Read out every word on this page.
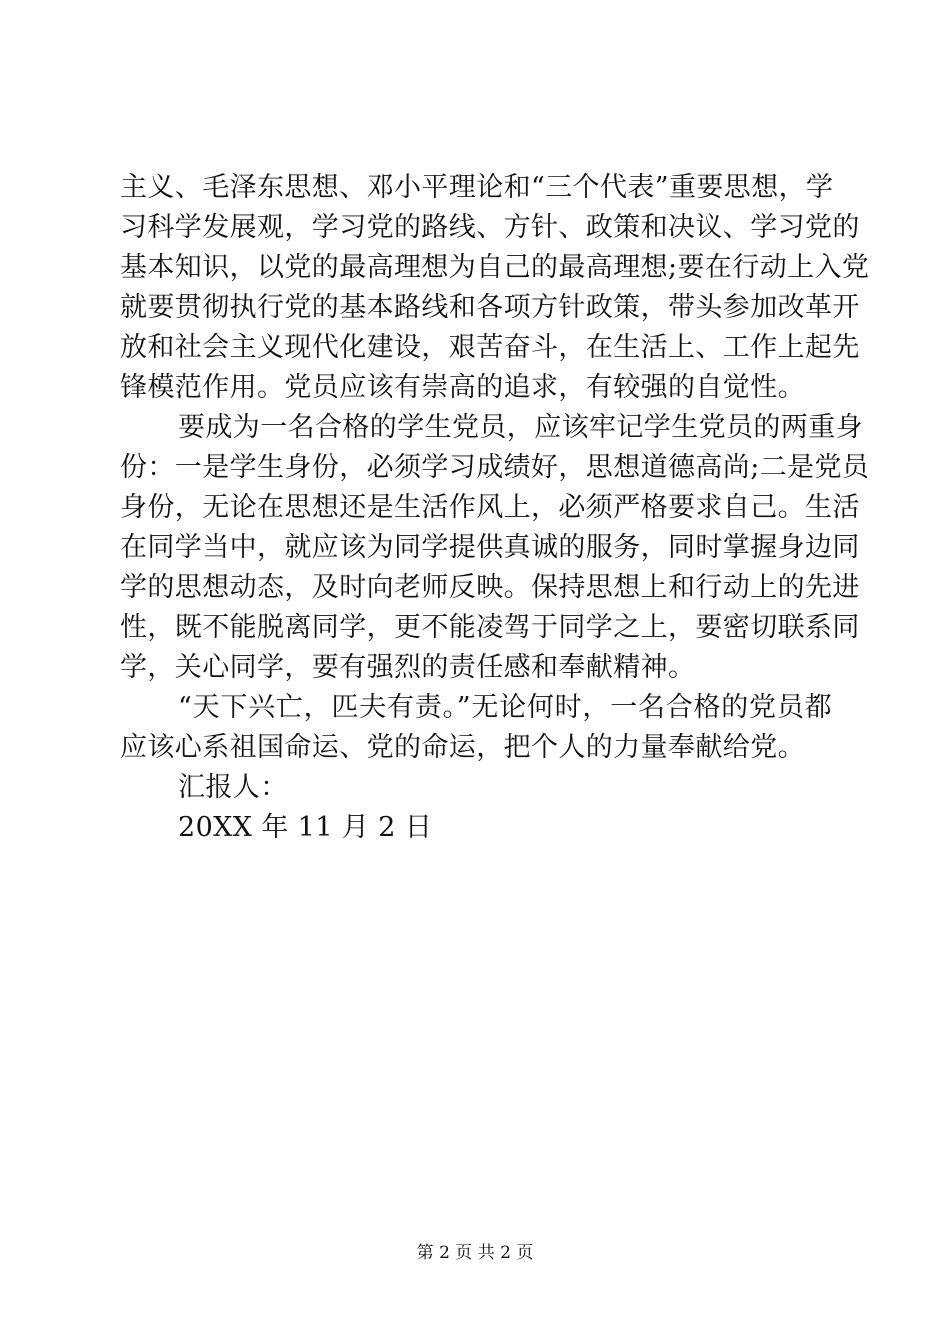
主义、毛泽东思想、邓小平理论和“三个代表”重要思想，学
习科学发展观，学习党的路线、方针、政策和决议、学习党的
基本知识，以党的最高理想为自己的最高理想;要在行动上入党
就要贯彻执行党的基本路线和各项方针政策，带头参加改革开
放和社会主义现代化建设，艰苦奋斗，在生活上、工作上起先
锋模范作用。党员应该有崇高的追求，有较强的自觉性。
要成为一名合格的学生党员，应该牢记学生党员的两重身
份：一是学生身份，必须学习成绩好，思想道德高尚;二是党员
身份，无论在思想还是生活作风上，必须严格要求自己。生活
在同学当中，就应该为同学提供真诚的服务，同时掌握身边同
学的思想动态，及时向老师反映。保持思想上和行动上的先进
性，既不能脱离同学，更不能凌驾于同学之上，要密切联系同
学，关心同学，要有强烈的责任感和奉献精神。
“天下兴亡，匹夫有责。”无论何时，一名合格的党员都
应该心系祖国命运、党的命运，把个人的力量奉献给党。
汇报人：
20XX 年 11 月 2 日
第 2 页 共 2 页
